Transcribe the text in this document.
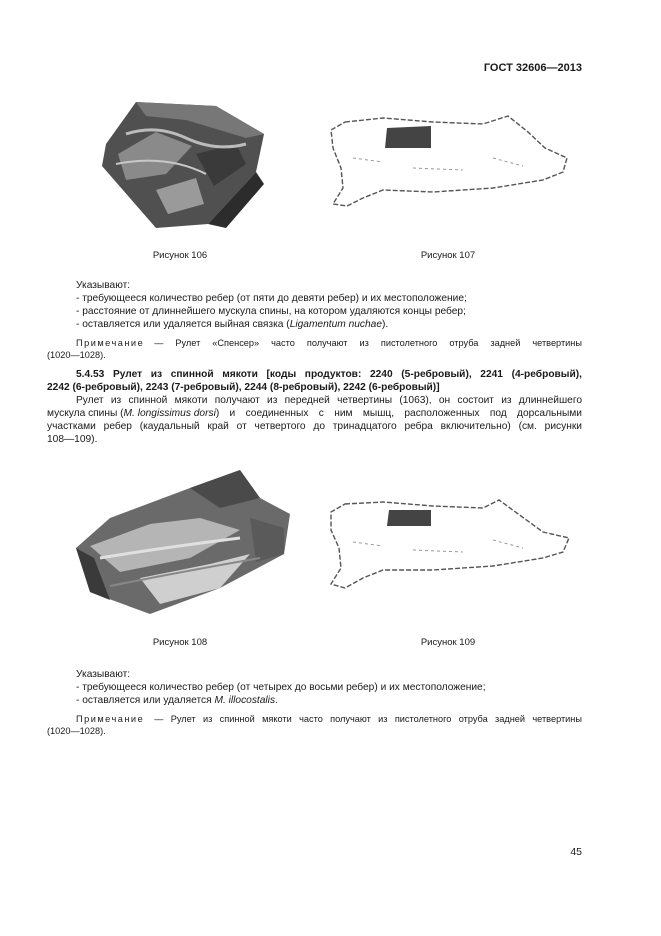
ГОСТ 32606—2013
Рисунок 106	Рисунок 107
Указывают:
- требующееся количество ребер (от пяти до девяти ребер) и их местоположение;
- расстояние от длиннейшего мускула спины, на котором удаляются концы ребер;
- оставляется или удаляется выйная связка (Ligamentum nuchae).
Примечание — Рулет «Спенсер» часто получают из пистолетного отруба задней четвертины
(1020—1028).
5.4.53 Рулет из спинной мякоти [коды продуктов: 2240 (5-ребровый), 2241 (4-ребровый),
2242 (6-ребровый), 2243 (7-ребровый), 2244 (8-ребровый), 2242 (6-ребровый)]
Рулет из спинной мякоти получают из передней четвертины (1063), он состоит из длиннейшего
мускула спины ( M. longissimus dorsi ) и соединенных с ним мышц, расположенных под дорсальными
участками ребер (каудальный край от четвертого до тринадцатого ребра включительно) (см. рисунки
108—109).
Рисунок 108	Рисунок 109
Указывают:
- требующееся количество ребер (от четырех до восьми ребер) и их местоположение;
- оставляется или удаляется M. illocostalis.
Примечание — Рулет из спинной мякоти часто получают из пистолетного отруба задней четвертины
(1020—1028).
45
